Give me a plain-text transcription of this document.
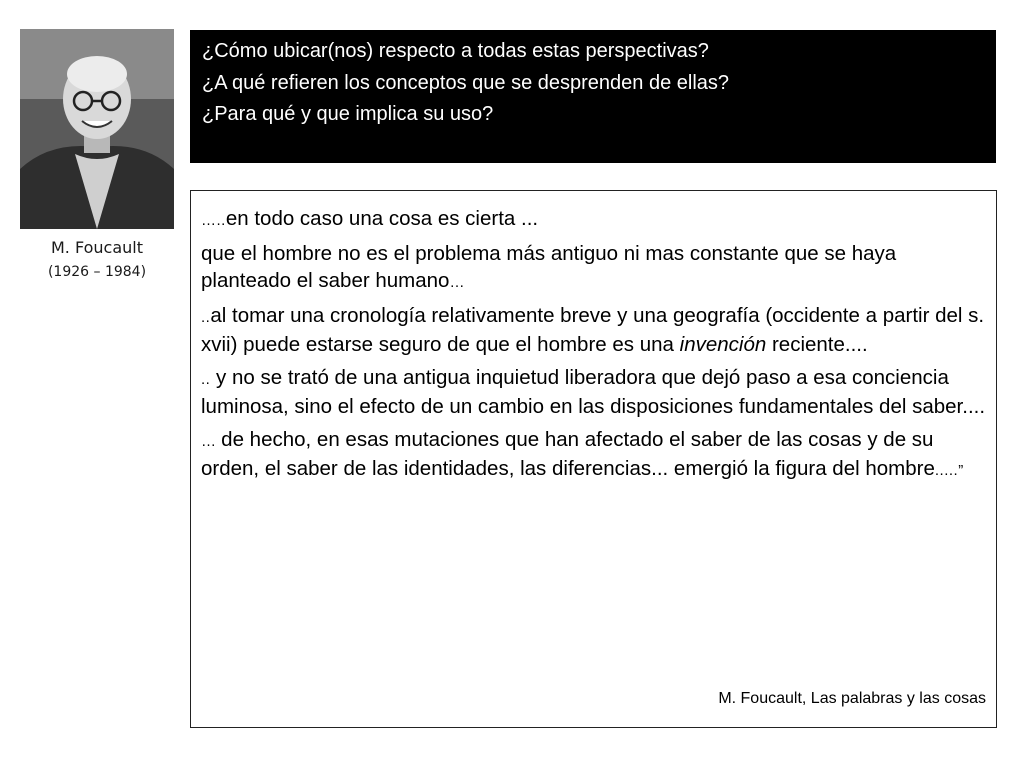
M. Foucault
(1926 – 1984)

¿Cómo ubicar(nos) respecto a todas estas perspectivas?

¿A qué refieren los conceptos que se desprenden de ellas?

¿Para qué y que implica su uso?

…..en todo caso una cosa es cierta ...

que el hombre no es el problema más antiguo ni mas constante que se haya planteado el saber humano…

..al tomar una cronología relativamente breve y una geografía (occidente a partir del s. xvii) puede estarse seguro de que el hombre es una invención reciente....

.. y no se trató de una antigua inquietud liberadora que dejó paso a esa conciencia luminosa, sino el efecto de un cambio en las disposiciones fundamentales del saber....

… de hecho, en esas mutaciones que han afectado el saber de las cosas y de su orden, el saber de las identidades, las diferencias... emergió la figura del hombre.....”

M. Foucault, Las palabras y las cosas
